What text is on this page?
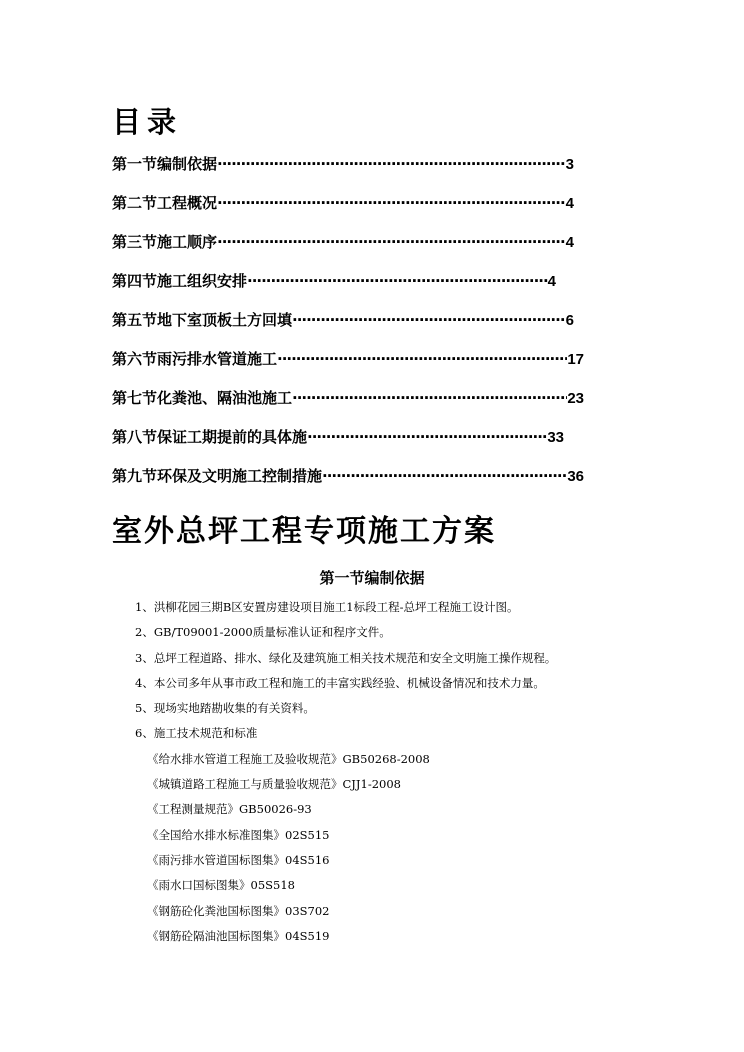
目录
第一节编制依据 ·····	3
第二节工程概况 ·····	4
第三节施工顺序 ·····	4
第四节施工组织安排 ·····	4
第五节地下室顶板土方回填 ·····	6
第六节雨污排水管道施工 ·····	17
第七节化粪池、隔油池施工 ·····	23
第八节保证工期提前的具体施 ·····	33
第九节环保及文明施工控制措施 ·····	36
室外总坪工程专项施工方案
第一节编制依据
1、洪柳花园三期B区安置房建设项目施工1标段工程-总坪工程施工设计图。
2、GB/T09001-2000质量标准认证和程序文件。
3、总坪工程道路、排水、绿化及建筑施工相关技术规范和安全文明施工操作规程。
4、本公司多年从事市政工程和施工的丰富实践经验、机械设备情况和技术力量。
5、现场实地踏勘收集的有关资料。
6、施工技术规范和标准
《给水排水管道工程施工及验收规范》GB50268-2008
《城镇道路工程施工与质量验收规范》CJJ1-2008
《工程测量规范》GB50026-93
《全国给水排水标准图集》02S515
《雨污排水管道国标图集》04S516
《雨水口国标图集》05S518
《钢筋砼化粪池国标图集》03S702
《钢筋砼隔油池国标图集》04S519
